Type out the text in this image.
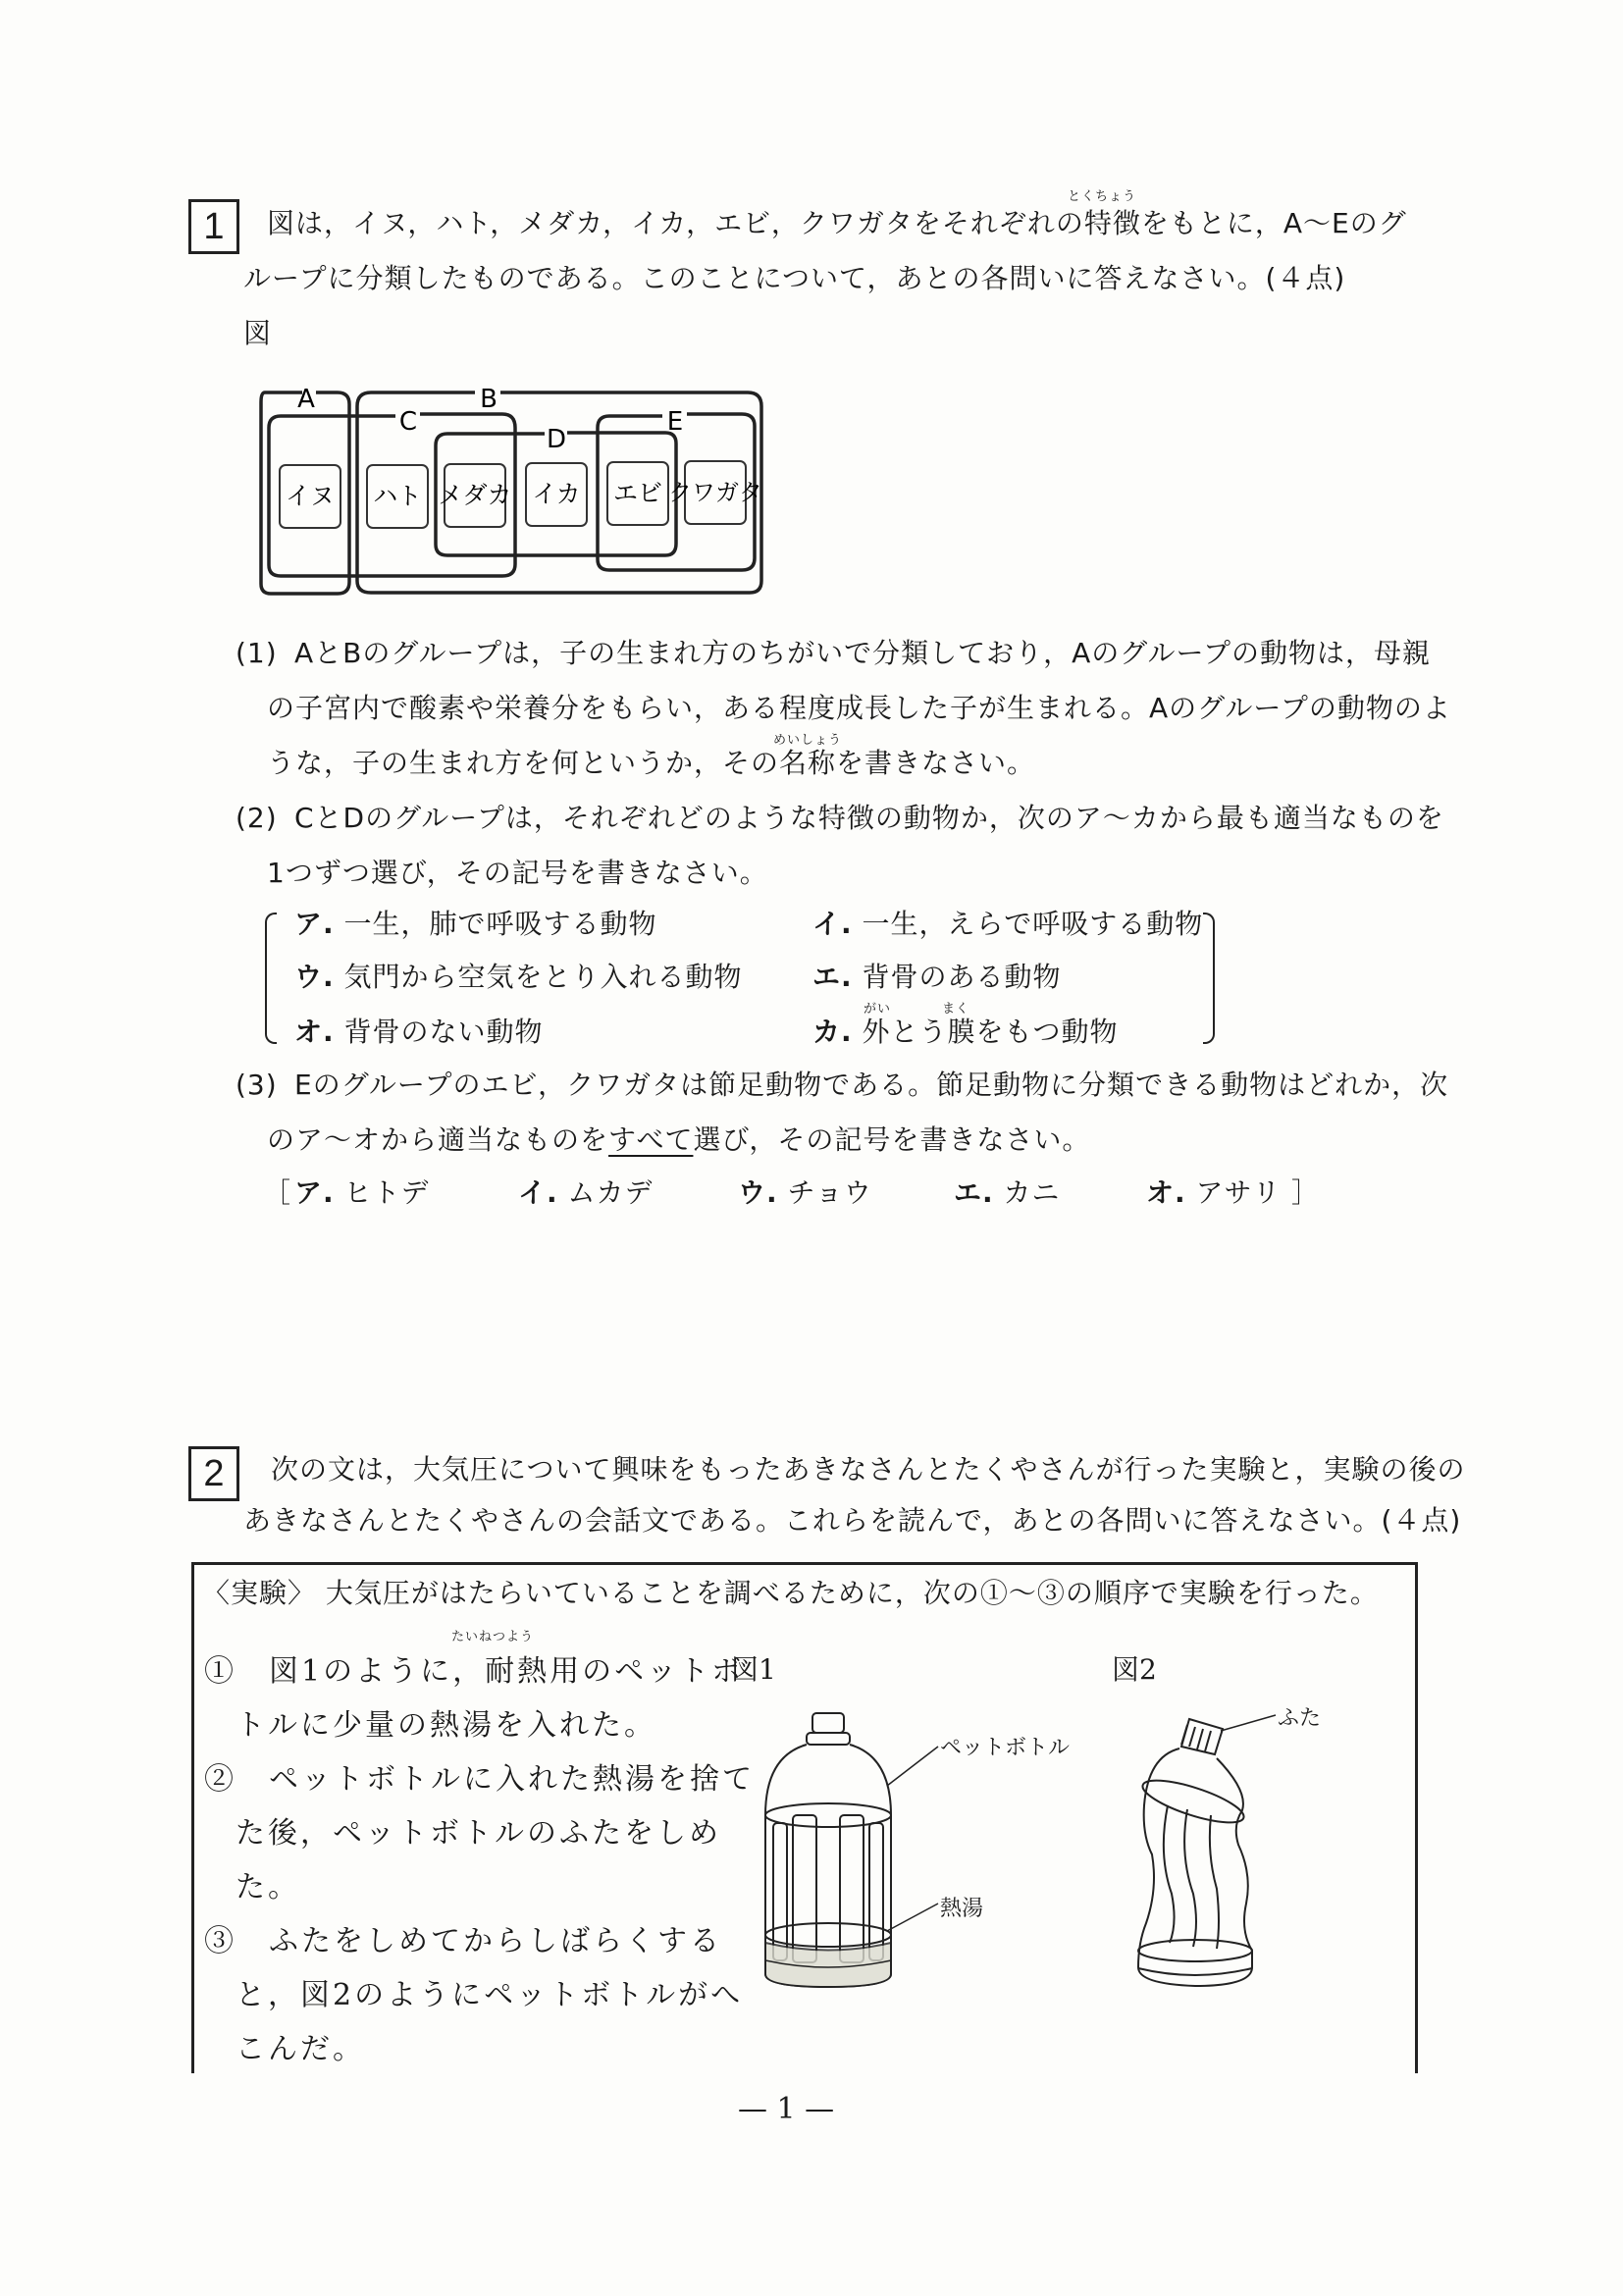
1
とくちょう
図は，イヌ，ハト，メダカ，イカ，エビ，クワガタをそれぞれの特徴をもとに，A～Eのグ
ループに分類したものである。このことについて，あとの各問いに答えなさい。(４点)
図
A	B
C
D
E
イヌ ハト メダカ イカ エビ クワガタ
(1) AとBのグループは，子の生まれ方のちがいで分類しており，Aのグループの動物は，母親
の子宮内で酸素や栄養分をもらい，ある程度成長した子が生まれる。Aのグループの動物のよ
めいしょう
うな，子の生まれ方を何というか，その名称を書きなさい。
(2) CとDのグループは，それぞれどのような特徴の動物か，次のア～カから最も適当なものを
1つずつ選び，その記号を書きなさい。
ア. 一生，肺で呼吸する動物	イ. 一生，えらで呼吸する動物
ウ. 気門から空気をとり入れる動物	エ. 背骨のある動物
オ. 背骨のない動物
がい	まく
カ. 外とう膜をもつ動物
(3) Eのグループのエビ，クワガタは節足動物である。節足動物に分類できる動物はどれか，次
のア～オから適当なものをすべて選び，その記号を書きなさい。
［ ア. ヒトデ	イ. ムカデ	ウ. チョウ	エ. カニ	オ. アサリ ］
2	次の文は，大気圧について興味をもったあきなさんとたくやさんが行った実験と，実験の後の
あきなさんとたくやさんの会話文である。これらを読んで，あとの各問いに答えなさい。(４点)
〈実験〉 大気圧がはたらいていることを調べるために，次の①～③の順序で実験を行った。
たいねつよう
①　図1のように，耐熱用のペットボ
トルに少量の熱湯を入れた。
②　ペットボトルに入れた熱湯を捨て
た後，ペットボトルのふたをしめ
た。
③　ふたをしめてからしばらくする
と，図2のようにペットボトルがへ
こんだ。
図1	図2
ペットボトル
熱湯
ふた
— 1 —
